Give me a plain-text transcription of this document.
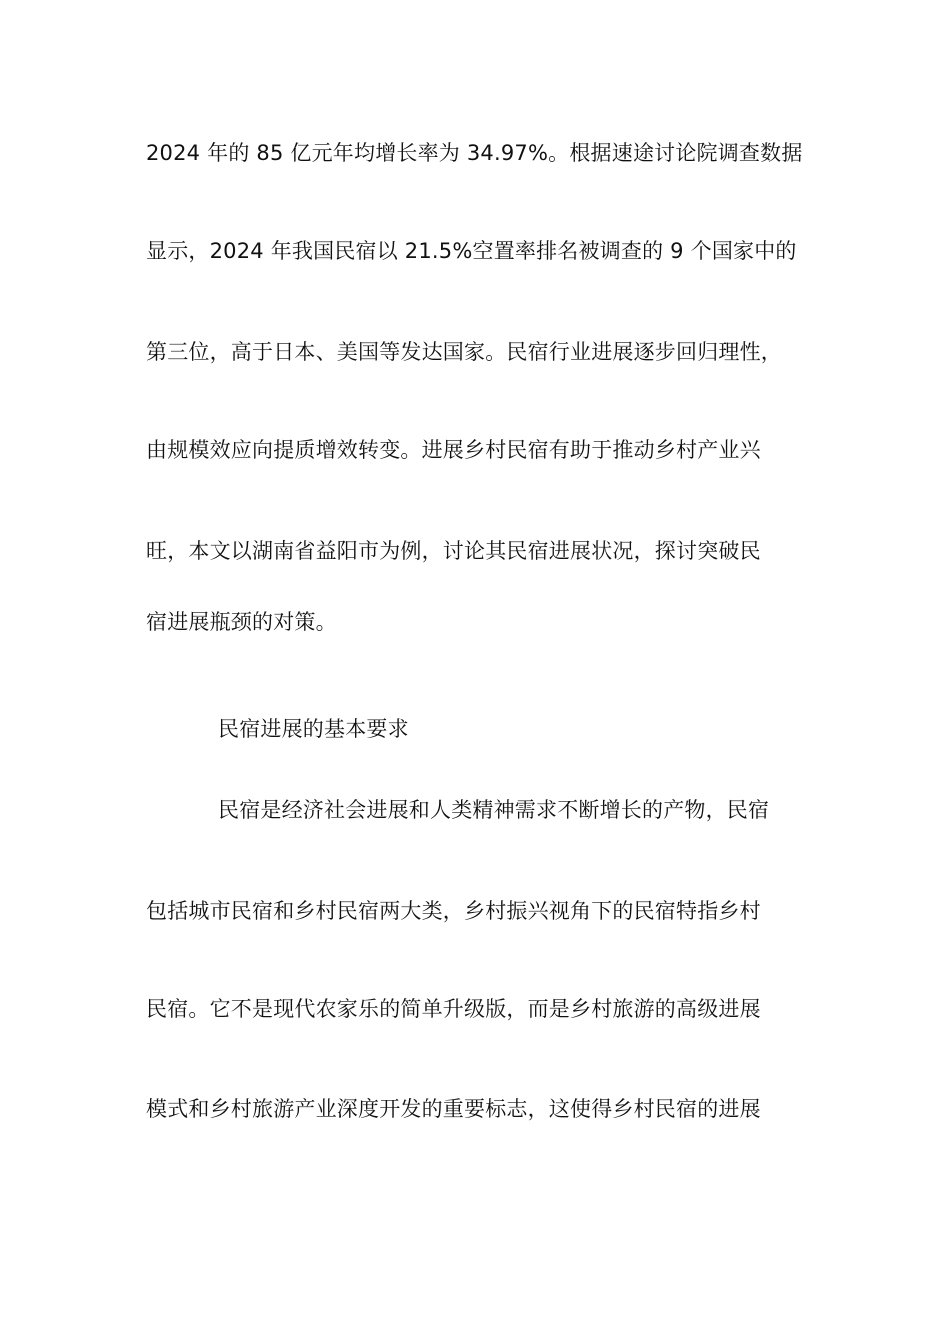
2024 年的 85 亿元年均增长率为 34.97%。根据速途讨论院调查数据
显示，2024 年我国民宿以 21.5%空置率排名被调查的 9 个国家中的
第三位，高于日本、美国等发达国家。民宿行业进展逐步回归理性，
由规模效应向提质增效转变。进展乡村民宿有助于推动乡村产业兴
旺，本文以湖南省益阳市为例，讨论其民宿进展状况，探讨突破民
宿进展瓶颈的对策。
民宿进展的基本要求
民宿是经济社会进展和人类精神需求不断增长的产物，民宿
包括城市民宿和乡村民宿两大类，乡村振兴视角下的民宿特指乡村
民宿。它不是现代农家乐的简单升级版，而是乡村旅游的高级进展
模式和乡村旅游产业深度开发的重要标志，这使得乡村民宿的进展
